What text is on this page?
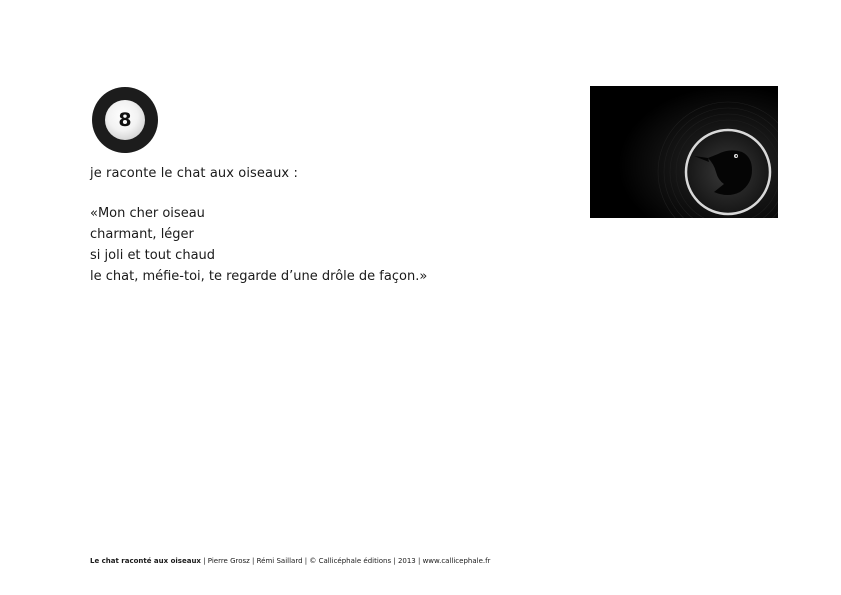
8
je raconte le chat aux oiseaux :
«Mon cher oiseau
charmant, léger
si joli et tout chaud
le chat, méfie-toi, te regarde d’une drôle de façon.»
Le chat raconté aux oiseaux | Pierre Grosz | Rémi Saillard | © Callicéphale éditions | 2013 | www.callicephale.fr
